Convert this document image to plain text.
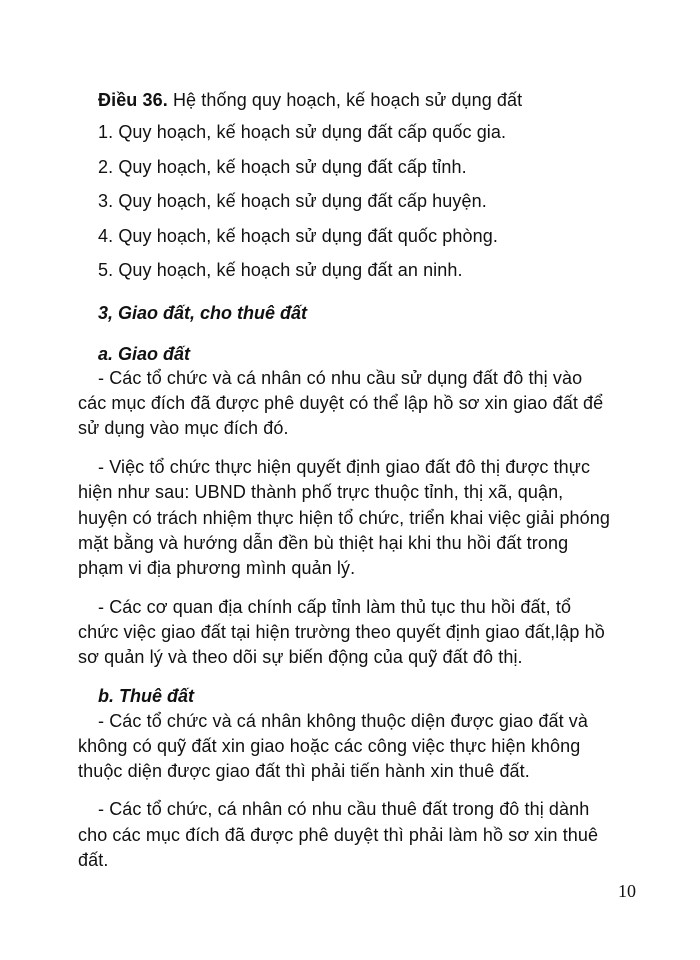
Điều 36. Hệ thống quy hoạch, kế hoạch sử dụng đất
1. Quy hoạch, kế hoạch sử dụng đất cấp quốc gia.
2. Quy hoạch, kế hoạch sử dụng đất cấp tỉnh.
3. Quy hoạch, kế hoạch sử dụng đất cấp huyện.
4. Quy hoạch, kế hoạch sử dụng đất quốc phòng.
5. Quy hoạch, kế hoạch sử dụng đất an ninh.
3, Giao đất, cho thuê đất
a. Giao đất
- Các tổ chức và cá nhân có nhu cầu sử dụng đất đô thị vào
các mục đích đã được phê duyệt có thể lập hồ sơ xin giao đất để
sử dụng vào mục đích đó.
- Việc tổ chức thực hiện quyết định giao đất đô thị được thực
hiện như sau: UBND thành phố trực thuộc tỉnh, thị xã, quận,
huyện có trách nhiệm thực hiện tổ chức, triển khai việc giải phóng
mặt bằng và hướng dẫn đền bù thiệt hại khi thu hồi đất trong
phạm vi địa phương mình quản lý.
- Các cơ quan địa chính cấp tỉnh làm thủ tục thu hồi đất, tổ
chức việc giao đất tại hiện trường theo quyết định giao đất,lập hồ
sơ quản lý và theo dõi sự biến động của quỹ đất đô thị.
b. Thuê đất
- Các tổ chức và cá nhân không thuộc diện được giao đất và
không có quỹ đất xin giao hoặc các công việc thực hiện không
thuộc diện được giao đất thì phải tiến hành xin thuê đất.
- Các tổ chức, cá nhân có nhu cầu thuê đất trong đô thị dành
cho các mục đích đã được phê duyệt thì phải làm hồ sơ xin thuê
đất.
10
